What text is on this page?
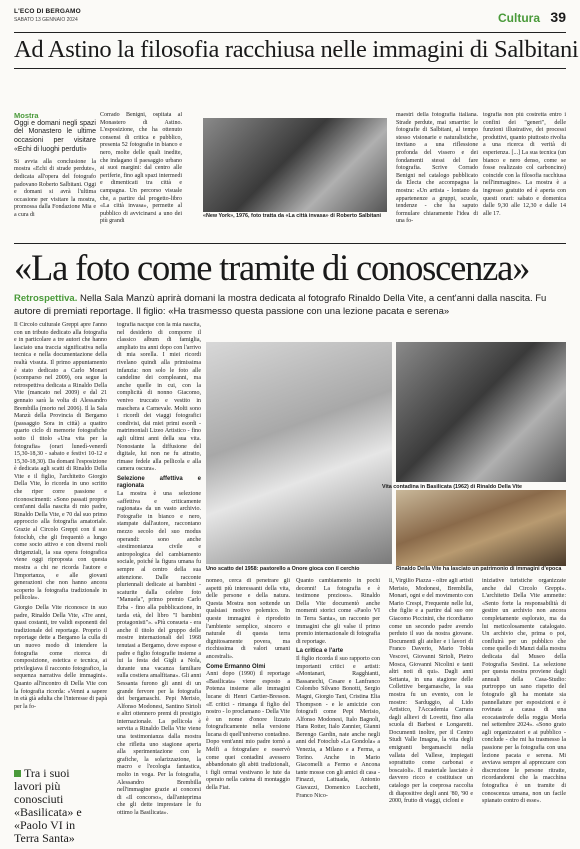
L'ECO DI BERGAMO
SABATO 13 GENNAIO 2024	Cultura 39
Ad Astino la filosofia racchiusa nelle immagini di Salbitani
Mostra
Oggi e domani negli spazi del Monastero le ultime occasioni per visitare «Echi di luoghi perduti»

Si avvia alla conclusione la mostra «Echi di strade perdute», dedicata all'opera del fotografo padovano Roberto Salbitani. Oggi e domani si avrà l'ultima occasione per visitare la mostra, promossa dalla Fondazione Mia e a cura di

Corrado Benigni, ospitata al Monastero di Astino. L'esposizione, che ha ottenuto consensi di critica e pubblico, presenta 52 fotografie in bianco e nero, molte delle quali inedite, che indagano il paesaggio urbano ai suoi margini: dal centro alle periferie, fino agli spazi intermedi e dimenticati tra città e campagna. Un percorso visuale che, a partire dal progetto-libro «La città invasa», permette al pubblico di avvicinarsi a uno dei più grandi

«New York», 1976, foto tratta da «La città invasa» di Roberto Salbitani

maestri della fotografia italiana. Strade perdute, mai smarrite: le fotografie di Salbitani, al tempo stesso visionarie e naturalistiche, invitano a una riflessione profonda del vissero e dei fondamenti stessi del fare fotografia. Scrive Corrado Benigni nel catalogo pubblicato da Electa che accompagna la mostra: «Un artista - lontano da appartenenze a gruppi, scuole, tendenze - che ha saputo formulare chiaramente l'idea di una fo-

tografia non più costretta entro i confini dei "generi", delle funzioni illustrative, dei processi produttivi, quanto piuttosto rivolta a una ricerca di verità di esperienza. [...] La sua tecnica (un bianco e nero denso, come se fosse realizzato col carboncino) coincide con la filosofia racchiusa nell'immagine». La mostra è a ingresso gratuito ed è aperta con questi orari: sabato e domenica dalle 9,30 alle 12,30 e dalle 14 alle 17.

«La foto come tramite di conoscenza»
Retrospettiva. Nella Sala Manzù aprirà domani la mostra dedicata al fotografo Rinaldo Della Vite, a cent'anni dalla nascita. Fu autore di premiati reportage. Il figlio: «Ha trasmesso questa passione con una lezione pacata e serena»

Il Circolo culturale Greppi apre l'anno con un tributo dedicato alla fotografia e in particolare a tre autori che hanno lasciato una traccia significativa nella tecnica e nella documentazione della realtà vissuta. Il primo appuntamento è stato dedicato a Carlo Monari (scomparso nel 2009), ora segue la retrospettiva dedicata a Rinaldo Della Vite (mancato nel 2009) e dal 21 gennaio sarà la volta di Alessandro Brembilla (morto nel 2006). Il la Sala Manzù della Provincia di Bergamo (passaggio Sora in città) a quattro quarto ciclo di memorie fotografiche sotto il titolo «Una vita per la fotografia» (orari lunedì-venerdì 15,30-18,30 - sabato e festivi 10-12 e 15,30-18,30). Da domani l'esposizione è dedicata agli scatti di Rinaldo Della Vite e il figlio, l'architetto Giorgio Della Vite, lo ricorda in uno scritto che riper corre passione e riconoscimenti: «Sono passati proprio cent'anni dalla nascita di mio padre, Rinaldo Della Vite, e 70 dal suo primo approccio alla fotografia amatoriale. Grazie al Circolo Greppi con il suo fotoclub, che gli frequentò a lungo come socio attivo e con diversi ruoli dirigenziali, la sua opera fotografica viene oggi riproposta con questa mostra a chi ne ricorda l'autore e l'importanza, e alle giovani generazioni che non hanno ancora scoperto la fotografia tradizionale in pellicola».

Giorgio Della Vite riconosce in suo padre, Rinaldo Della Vite, «Tre anni, quasi costanti, tre validi esponenti del tradizionale del reportage. Proprio il reportage dette a Bergamo la culla di un nuovo modo di intendere la fotografia come ricerca di composizione, estetica e tecnica, ai privilegiava il racconto fotografico, la sequenza narrativa delle immagini». Quanto all'incontro di Della Vite con la fotografia ricorda: «Venni a sapere in età già adulta che l'interesse di papà per la fo-

Tra i suoi lavori più conosciuti «Basilicata» e «Paolo VI in Terra Santa»

tografia nacque con la mia nascita, nel desiderio di comporre il classico album di famiglia, ampliato tra anni dopo con l'arrivo di mia sorella. I miei ricordi rivelano quindi alla primissima infanzia: non solo le foto alle candeline dei compleanni, ma anche quelle in cui, con la complicità di nonno Giacomo, venivo truccato e vestito in maschera a Carnevale. Molti sono i ricordi dei viaggi fotografici condivisi, dai miei primi esordi - matrimoniali Lizeo Artistico - fino agli ultimi anni della sua vita. Nonostante la diffusione del digitale, lui non ne fu attratto, rimase fedele alla pellicola e alla camera oscura».

Selezione affettiva e ragionata

La mostra è una selezione «affettiva e criticamente ragionata» da un vasto archivio. Fotografie in bianco e nero, stampate dall'autore, raccontano mezzo secolo del suo modus operandi: sono anche «testimonianza civile e antropologica del cambiamento sociale, poiché la figura umana fu sempre al centro della sua attenzione. Dalle racconte pluriennali dedicate ai bambini - scaturite dalla celebre foto "Manuela", primo premio Carlo Erba - fino alla pubblicazione, in tarda età, del libro "I bambini protagonisti"». «Più consueta - era anche il titolo del gruppo delle mostre internazionali del 1968 tenutasi a Bergamo, dove espose e padre e figlio fotografie insieme a lui la festa del Gigli a Nola, durante una vacanza familiare sulla costiera amalfitana». Gli anni Sessanta furono gli anni di un grande fervore per la fotografia dei bergamaschi. Pepi Merisio, Alfonso Modonesi, Santino Sirtoli e altri ottennero premi di prestigio internazionale. La pellicola è servita a Rinaldo Della Vite viene una testimonianza dalla mostra che rifletta uno stagione aperta alla sperimentazione con le grafiche, la solarizzazione, la macro e l'ecologia fantastica, molto in voga. Per la fotografia, Alessandro Brembilla nell'immagine grazie ai concorsi di «Il concorso», dall'anteprima che gli dette imprestare le fu ottimo la Basilicata».

Uno scatto del 1958: pastorello a Onore gioca con il cerchio
Vita contadina in Basilicata (1962) di Rinaldo Della Vite
Rinaldo Della Vite ha lasciato un patrimonio di immagini d'epoca

nomeo, cerca di penetrare gli aspetti più interessanti della vita, delle persone e della natura. Questa Mostra non sottende un qualsiasi motivo polemico. In queste immagini è riprodotto l'ambiente semplice, sincero e naturale di questa terra dignitosamente povera, ma ricchissima di valori umani ancestrali».

Come Ermanno Olmi

Anni dopo (1990) il reportage «Basilicata» viene esposto a Potenza insieme alle immagini lucane di Henri Cartier-Bresson. «E critici - rimanga il figlio del nostro - lo proclamano - Della Vite è un nome d'onore lizzato fotograficamente nella versione lucana di quell'universo contadino. Dopo vent'anni mio padre tornò a Melfi a fotografare e osservò come quei contadini avessero abbandonato gli abiti tradizionali, i figli ormai vestivano le tute da operaio nella catena di montaggio della Fiat.

Quanto cambiamento in pochi decenni! La fotografia e è testimone prezioso». Rinaldo Della Vite documentò anche momenti storici come «Paolo VI in Terra Santa», un racconto per immagini che gli valse il primo premio internazionale di fotografia di reportage.

La critica e l'arte

Il figlio ricorda il suo rapporto con importanti critici e artisti: «Montanari, Ragghianti, Bassanechi, Cesare e Lanfranco Colombo Silvano Bonotti, Sergio Magni, Giorgio Tani, Cristina Elia Thompson - e le amicizie con fotografi come Pepi Merisio, Alfonso Modonesi, Italo Bagnoli, Hans Rotter, Italo Zannier, Gianni Berengo Gardin, nate anche negli anni del Fotoclub «La Gondola» a Venezia, a Milano e a Ferma, a Torino. Anche in Mario Giacomelli a Fermo e Ancona tante mosse con gli amici di casa - Finazzi, Lattuada, Antonio Giavazzi, Domenico Lucchetti, Franco Nico-

li, Virgilio Piazza - oltre agli artisti Merisio, Modonesi, Brembilla, Monari, ogni e del movimento con Mario Crespi, Frequente nelle lui, che figlie e a partire dal suo ore Giacomo Piccinini, che ricordiamo come un secondo padre avendo perduto il suo da nostra giovane. Documenti gli atelier e i lavori di Franco Daverio, Mario Tobia Vescovi, Giovanni Sirtoli, Pietro Mosca, Giovanni Nicolini e tanti altri noti di qui». Dagli anni Settanta, in una stagione delle Collettive bergamasche, la sua mostra fu un evento, con le mostre: Sarduggio, al Lido Artistico, l'Accademia Carrara dagli allievi di Lovetti, fino alla scuola di Barbesi e Longaretti. Documenti inoltre, per il Centro Studi Valle Imagna, la vita degli emigranti bergamaschi nella vallata del Vallese, impiegati soprattutto come carbonai e boscaioli». Il materiale lasciato è davvero ricco e costituisce un catalogo per la coeprosa raccolta di diapositive degli anni '80, '90 e 2000, frutto di viaggi, cicloni e

iniziative turistiche organizzate anche dal Circolo Greppi». L'architetto Della Vite ammette: «Sento forte la responsabilità di gestire un archivio non ancora completamente esplorato, ma da lui meticolosamente catalogato. Un archivio che, prima o poi, confluirà per un pubblico che come quello di Manzi dalla mostra dedicata dal Museo della Fotografia Sestini. La selezione per questa mostra proviene dagli annuali della Casa-Studio: purtroppo un sano rispetto del fotografo gli ha montate sia pannellature per esposizioni e è rovinata a causa di una ecocatastrofe della roggia Morla nel settembre 2024». «Sono grato agli organizzatori e ai pubblico - conclude - che mi ha trasmesso la passione per la fotografia con una lezione pacata e serena. Mi avviava sempre al apprezzare con discrezione le persone ritratte, ricordandomi che la macchina fotografica è un tramite di conoscenza umana, non un facile spianato contro di esse».
